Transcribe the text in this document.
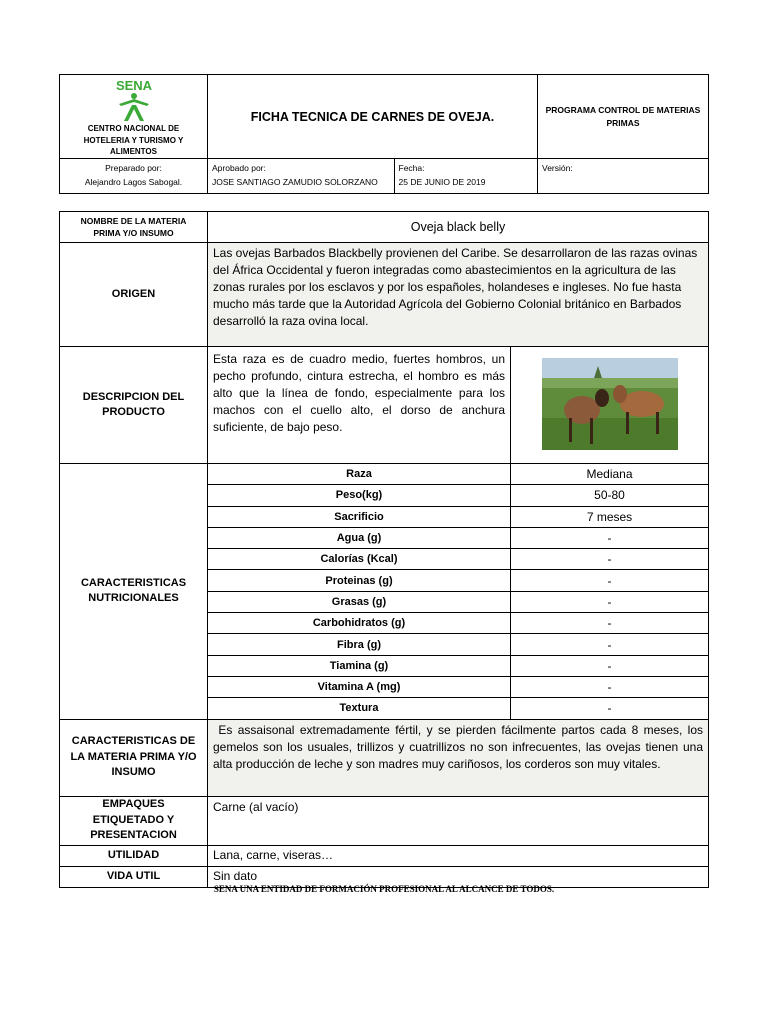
SENA
CENTRO NACIONAL DE HOTELERIA Y TURISMO Y ALIMENTOS
	FICHA TECNICA DE CARNES DE OVEJA.	PROGRAMA CONTROL DE MATERIAS PRIMAS

Preparado por:
Alejandro Lagos Sabogal.

Aprobado por:
JOSE SANTIAGO ZAMUDIO SOLORZANO

Fecha:
25 DE JUNIO DE 2019

Versión:
NOMBRE DE LA MATERIA PRIMA Y/O INSUMO	Oveja black belly	
ORIGEN	Las ovejas Barbados Blackbelly provienen del Caribe. Se desarrollaron de las razas ovinas del África Occidental y fueron integradas como abastecimientos en la agricultura de las zonas rurales por los esclavos y por los españoles, holandeses e ingleses. No fue hasta mucho más tarde que la Autoridad Agrícola del Gobierno Colonial británico en Barbados desarrolló la raza ovina local.	
DESCRIPCION DEL PRODUCTO	Esta raza es de cuadro medio, fuertes hombros, un pecho profundo, cintura estrecha, el hombro es más alto que la línea de fondo, especialmente para los machos con el cuello alto, el dorso de anchura suficiente, de bajo peso.	
CARACTERISTICAS NUTRICIONALES	Raza	Mediana
	Peso(kg)	50-80
	Sacrificio	7 meses
	Agua (g)	-
	Calorías (Kcal)	-
	Proteinas (g)	-
	Grasas (g)	-
	Carbohidratos (g)	-
	Fibra (g)	-
	Tiamina (g)	-
	Vitamina A (mg)	-
	Textura	-
CARACTERISTICAS DE LA MATERIA PRIMA Y/O INSUMO	Es assaisonal extremadamente fértil, y se pierden fácilmente partos cada 8 meses, los gemelos son los usuales, trillizos y cuatrillizos no son infrecuentes, las ovejas tienen una alta producción de leche y son madres muy cariñosos, los corderos son muy vitales.	
EMPAQUES ETIQUETADO Y PRESENTACION	Carne (al vacío)	
UTILIDAD	Lana, carne, viseras…	
VIDA UTIL	Sin dato	
SENA UNA ENTIDAD DE FORMACIÓN PROFESIONAL AL ALCANCE DE TODOS.
